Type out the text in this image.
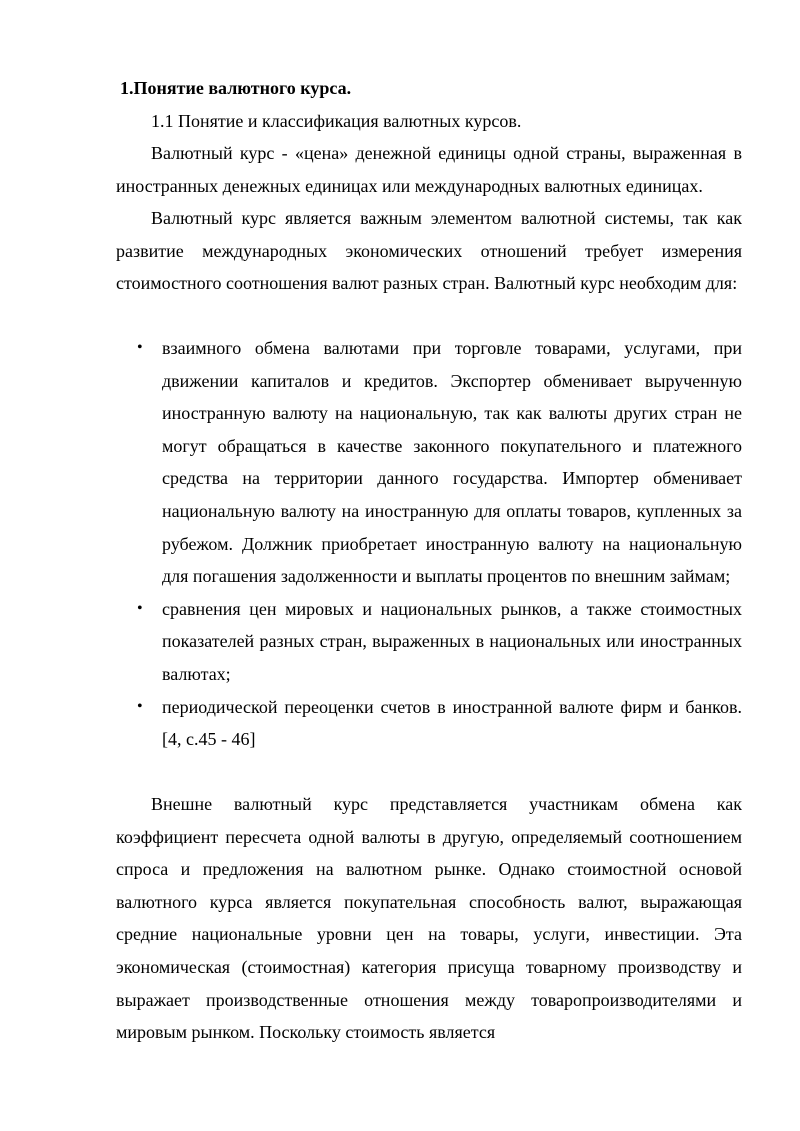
1.Понятие валютного курса.
1.1 Понятие и классификация валютных курсов.

Валютный курс - «цена» денежной единицы одной страны, выраженная в иностранных денежных единицах или международных валютных единицах.

Валютный курс является важным элементом валютной системы, так как развитие международных экономических отношений требует измерения стоимостного соотношения валют разных стран. Валютный курс необходим для:

• взаимного обмена валютами при торговле товарами, услугами, при движении капиталов и кредитов. Экспортер обменивает вырученную иностранную валюту на национальную, так как валюты других стран не могут обращаться в качестве законного покупательного и платежного средства на территории данного государства. Импортер обменивает национальную валюту на иностранную для оплаты товаров, купленных за рубежом. Должник приобретает иностранную валюту на национальную для погашения задолженности и выплаты процентов по внешним займам;
• сравнения цен мировых и национальных рынков, а также стоимостных показателей разных стран, выраженных в национальных или иностранных валютах;
• периодической переоценки счетов в иностранной валюте фирм и банков. [4, с.45 - 46]

Внешне валютный курс представляется участникам обмена как коэффициент пересчета одной валюты в другую, определяемый соотношением спроса и предложения на валютном рынке. Однако стоимостной основой валютного курса является покупательная способность валют, выражающая средние национальные уровни цен на товары, услуги, инвестиции. Эта экономическая (стоимостная) категория присуща товарному производству и выражает производственные отношения между товаропроизводителями и мировым рынком. Поскольку стоимость является
